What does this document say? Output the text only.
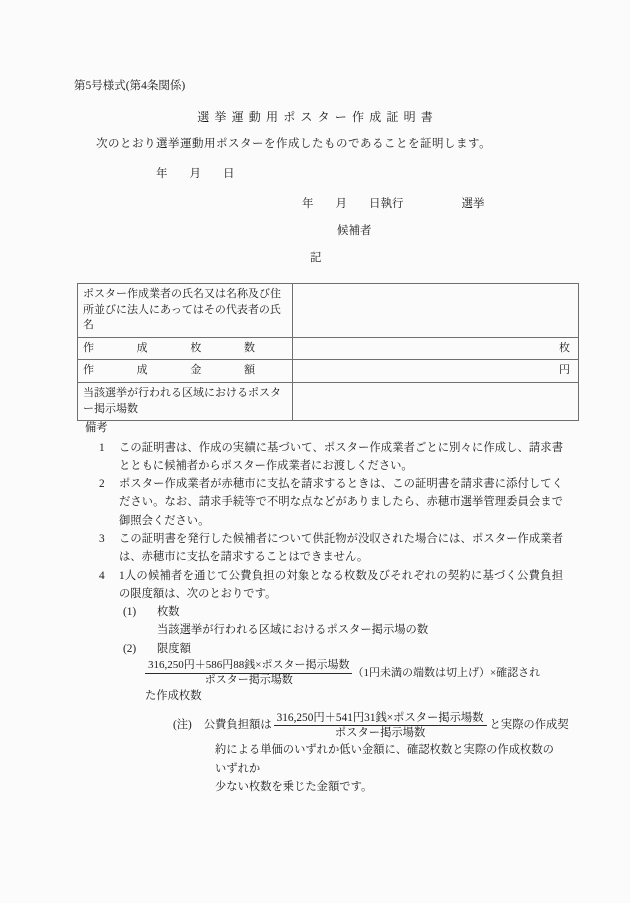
第5号様式(第4条関係)
選挙運動用ポスター作成証明書
次のとおり選挙運動用ポスターを作成したものであることを証明します。
年 月 日
年 月 日執行	選挙
候補者
記
ポスター作成業者の氏名又は名称及び住所並びに法人にあってはその代表者の氏名	

作 成 枚 数	枚

作 成 金 額	円
当該選挙が行われる区域におけるポスター掲示場数	
備考
1 この証明書は、作成の実績に基づいて、ポスター作成業者ごとに別々に作成し、請求書とともに候補者からポスター作成業者にお渡しください。
2 ポスター作成業者が赤穂市に支払を請求するときは、この証明書を請求書に添付してください。なお、請求手続等で不明な点などがありましたら、赤穂市選挙管理委員会まで御照会ください。
3 この証明書を発行した候補者について供託物が没収された場合には、ポスター作成業者は、赤穂市に支払を請求することはできません。
4 1人の候補者を通じて公費負担の対象となる枚数及びそれぞれの契約に基づく公費負担の限度額は、次のとおりです。
(1) 枚数
当該選挙が行われる区域におけるポスター掲示場の数
(2) 限度額
$\frac{\text{316,250円＋586円88銭×ポスター掲示場数}}{\text{ポスター掲示場数}} (1$円未満の端数は切上げ）×確認され
た作成枚数
(注)	公費負担額は $\frac{\text{316,250円＋541円31銭×ポスター掲示場数}}{\text{ポスター掲示場数}}$ と実際の作成契
約による単価のいずれか低い金額に、確認枚数と実際の作成枚数のいずれか
少ない枚数を乗じた金額です。
